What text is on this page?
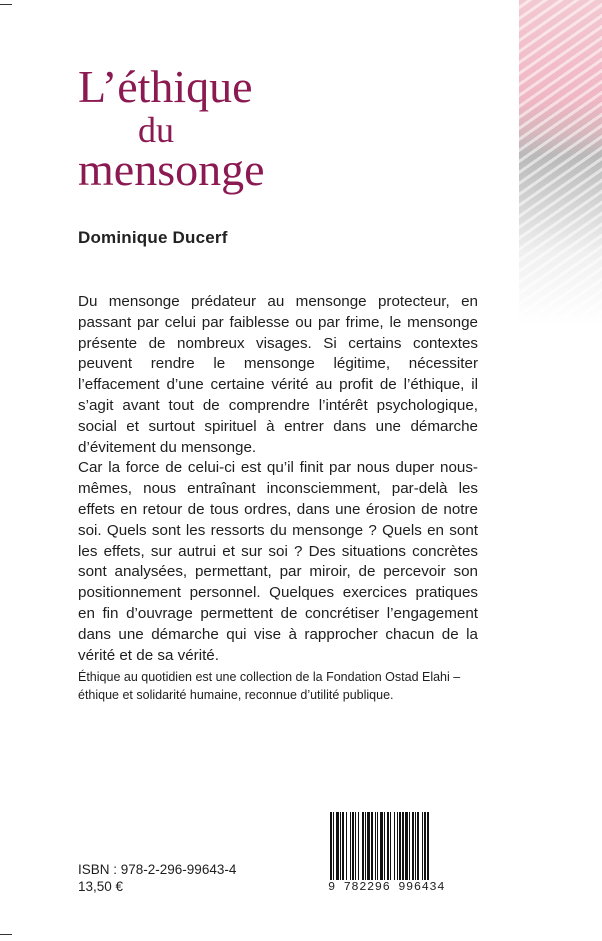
L’éthique
du
mensonge
Dominique Ducerf

Du mensonge prédateur au mensonge protecteur, en passant par celui par faiblesse ou par frime, le mensonge présente de nombreux visages. Si certains contextes peuvent rendre le mensonge légitime, nécessiter l’effacement d’une certaine vérité au profit de l’éthique, il s’agit avant tout de comprendre l’intérêt psychologique, social et surtout spirituel à entrer dans une démarche d’évitement du mensonge.

Car la force de celui-ci est qu’il finit par nous duper nous-mêmes, nous entraînant inconsciemment, par-delà les effets en retour de tous ordres, dans une érosion de notre soi. Quels sont les ressorts du mensonge ? Quels en sont les effets, sur autrui et sur soi ? Des situations concrètes sont analysées, permettant, par miroir, de percevoir son positionnement personnel. Quelques exercices pratiques en fin d’ouvrage permettent de concrétiser l’engagement dans une démarche qui vise à rapprocher chacun de la vérité et de sa vérité.

Éthique au quotidien est une collection de la Fondation Ostad Elahi – éthique et solidarité humaine, reconnue d’utilité publique.
ISBN : 978-2-296-99643-4
13,50 €	9 782296 996434
